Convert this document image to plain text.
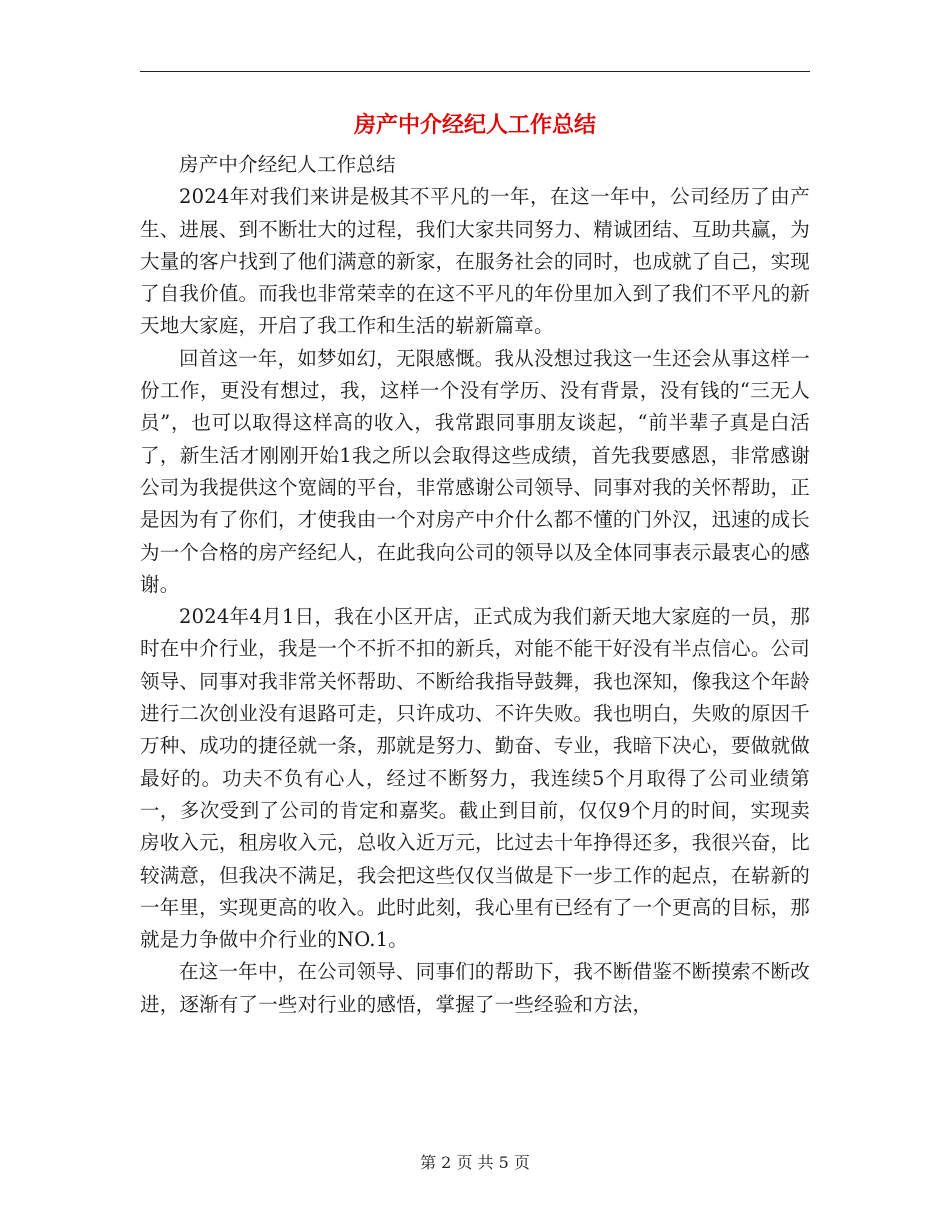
房产中介经纪人工作总结

房产中介经纪人工作总结

2024年对我们来讲是极其不平凡的一年，在这一年中，公司经历了由产生、进展、到不断壮大的过程，我们大家共同努力、精诚团结、互助共赢，为大量的客户找到了他们满意的新家，在服务社会的同时，也成就了自己，实现了自我价值。而我也非常荣幸的在这不平凡的年份里加入到了我们不平凡的新天地大家庭，开启了我工作和生活的崭新篇章。

回首这一年，如梦如幻，无限感慨。我从没想过我这一生还会从事这样一份工作，更没有想过，我，这样一个没有学历、没有背景，没有钱的“三无人员”，也可以取得这样高的收入，我常跟同事朋友谈起，“前半辈子真是白活了，新生活才刚刚开始1我之所以会取得这些成绩，首先我要感恩，非常感谢公司为我提供这个宽阔的平台，非常感谢公司领导、同事对我的关怀帮助，正是因为有了你们，才使我由一个对房产中介什么都不懂的门外汉，迅速的成长为一个合格的房产经纪人，在此我向公司的领导以及全体同事表示最衷心的感谢。

2024年4月1日，我在小区开店，正式成为我们新天地大家庭的一员，那时在中介行业，我是一个不折不扣的新兵，对能不能干好没有半点信心。公司领导、同事对我非常关怀帮助、不断给我指导鼓舞，我也深知，像我这个年龄进行二次创业没有退路可走，只许成功、不许失败。我也明白，失败的原因千万种、成功的捷径就一条，那就是努力、勤奋、专业，我暗下决心，要做就做最好的。功夫不负有心人，经过不断努力，我连续5个月取得了公司业绩第一，多次受到了公司的肯定和嘉奖。截止到目前，仅仅9个月的时间，实现卖房收入元，租房收入元，总收入近万元，比过去十年挣得还多，我很兴奋，比较满意，但我决不满足，我会把这些仅仅当做是下一步工作的起点，在崭新的一年里，实现更高的收入。此时此刻，我心里有已经有了一个更高的目标，那就是力争做中介行业的NO.1。

在这一年中，在公司领导、同事们的帮助下，我不断借鉴不断摸索不断改进，逐渐有了一些对行业的感悟，掌握了一些经验和方法，

第 2 页 共 5 页
